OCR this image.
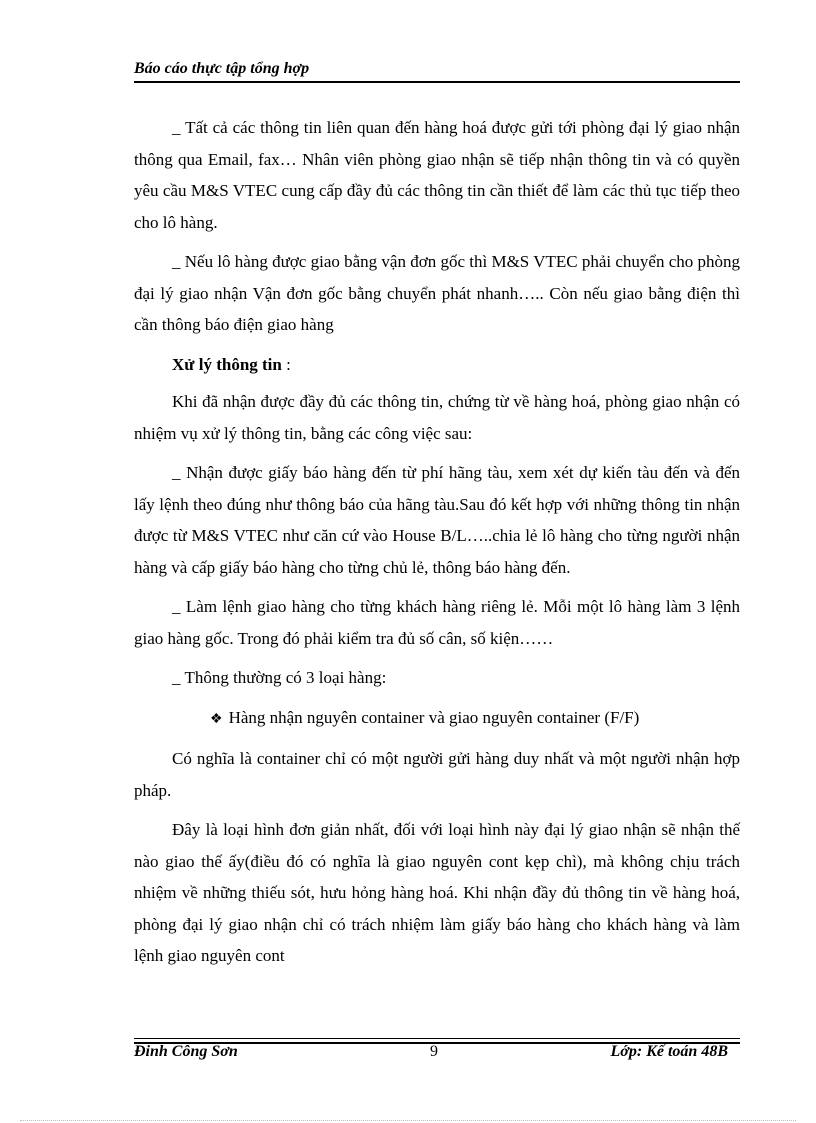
Báo cáo thực tập tổng hợp

_ Tất cả các thông tin liên quan đến hàng hoá được gửi tới phòng đại lý giao nhận thông qua Email, fax… Nhân viên phòng giao nhận sẽ tiếp nhận thông tin và có quyền yêu cầu M&S VTEC cung cấp đầy đủ các thông tin cần thiết để làm các thủ tục tiếp theo cho lô hàng.

_ Nếu lô hàng được giao bằng vận đơn gốc thì M&S VTEC phải chuyển cho phòng đại lý giao nhận Vận đơn gốc bằng chuyển phát nhanh….. Còn nếu giao bằng điện thì cần thông báo điện giao hàng

Xử lý thông tin :

Khi đã nhận được đầy đủ các thông tin, chứng từ về hàng hoá, phòng giao nhận có nhiệm vụ xử lý thông tin, bằng các công việc sau:

_ Nhận được giấy báo hàng đến từ phí hãng tàu, xem xét dự kiến tàu đến và đến lấy lệnh theo đúng như thông báo của hãng tàu.Sau đó kết hợp với những thông tin nhận được từ M&S VTEC như căn cứ vào House B/L…..chia lẻ lô hàng cho từng người nhận hàng và cấp giấy báo hàng cho từng chủ lẻ, thông báo hàng đến.

_ Làm lệnh giao hàng cho từng khách hàng riêng lẻ. Mỗi một lô hàng làm 3 lệnh giao hàng gốc. Trong đó phải kiểm tra đủ số cân, số kiện……

_ Thông thường có 3 loại hàng:

❖ Hàng nhận nguyên container và giao nguyên container (F/F)

Có nghĩa là container chỉ có một người gửi hàng duy nhất và một người nhận hợp pháp.

Đây là loại hình đơn giản nhất, đối với loại hình này đại lý giao nhận sẽ nhận thế nào giao thế ấy(điều đó có nghĩa là giao nguyên cont kẹp chì), mà không chịu trách nhiệm về những thiếu sót, hưu hỏng hàng hoá. Khi nhận đầy đủ thông tin về hàng hoá, phòng đại lý giao nhận chỉ có trách nhiệm làm giấy báo hàng cho khách hàng và làm lệnh giao nguyên cont

Đinh Công Sơn	9	Lớp: Kế toán 48B
